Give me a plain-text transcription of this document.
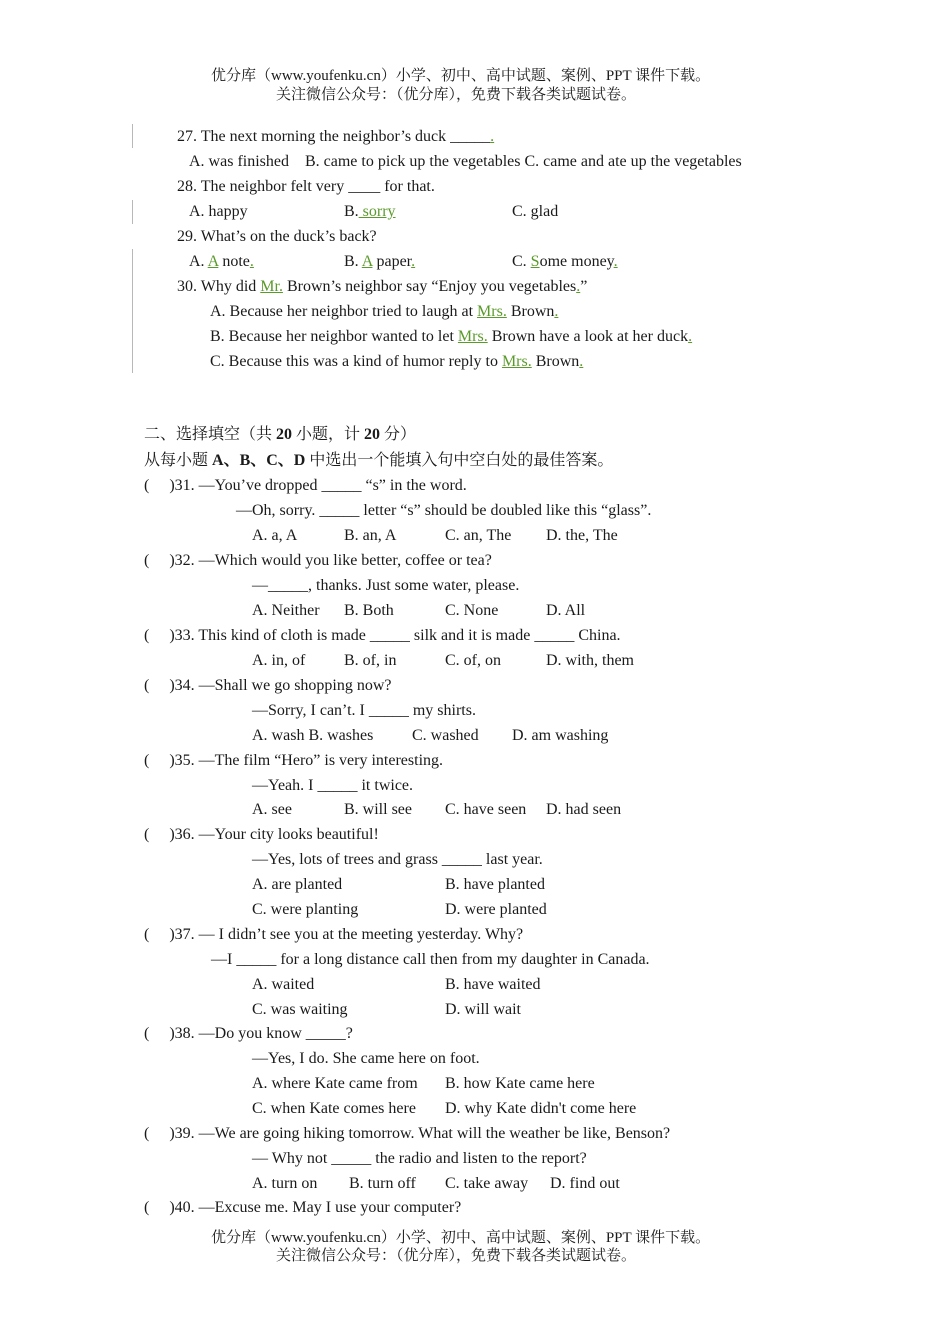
优分库（www.youfenku.cn）小学、初中、高中试题、案例、PPT 课件下载。
关注微信公众号：（优分库），免费下载各类试题试卷。
27. The next morning the neighbor’s duck _____.
A. was finished    B. came to pick up the vegetables C. came and ate up the vegetables
28. The neighbor felt very ____ for that.
A. happy	B. sorry	C. glad
29. What’s on the duck’s back?
A. A note.	B. A paper.	C. Some money.
30. Why did Mr. Brown’s neighbor say “Enjoy you vegetables.”
A. Because her neighbor tried to laugh at Mrs. Brown.
B. Because her neighbor wanted to let Mrs. Brown have a look at her duck.
C. Because this was a kind of humor reply to Mrs. Brown.
二、选择填空（共 20 小题，计 20 分）
从每小题 A、B、C、D 中选出一个能填入句中空白处的最佳答案。
(     )31. —You’ve dropped _____ “s” in the word.
—Oh, sorry. _____ letter “s” should be doubled like this “glass”.
A. a, A	B. an, A	C. an, The D. the, The
(     )32. —Which would you like better, coffee or tea?
—_____, thanks. Just some water, please.
A. Neither B. Both	C. None	D. All
(     )33. This kind of cloth is made _____ silk and it is made _____ China.
A. in, of B. of, in	C. of, on	D. with, them
(     )34. —Shall we go shopping now?
—Sorry, I can’t. I _____ my shirts.
A. wash B. washes C. washed D. am washing
(     )35. —The film “Hero” is very interesting.
—Yeah. I _____ it twice.
A. see	B. will see C. have seen D. had seen
(     )36. —Your city looks beautiful!
—Yes, lots of trees and grass _____ last year.
A. are planted	B. have planted
C. were planting	D. were planted
(     )37. — I didn’t see you at the meeting yesterday. Why?
—I _____ for a long distance call then from my daughter in Canada.
A. waited	B. have waited
C. was waiting	D. will wait
(     )38. —Do you know _____?
—Yes, I do. She came here on foot.
A. where Kate came from B. how Kate came here
C. when Kate comes here D. why Kate didn't come here
(     )39. —We are going hiking tomorrow. What will the weather be like, Benson?
— Why not _____ the radio and listen to the report?
A. turn on B. turn off C. take away D. find out
(     )40. —Excuse me. May I use your computer?
优分库（www.youfenku.cn）小学、初中、高中试题、案例、PPT 课件下载。
关注微信公众号：（优分库），免费下载各类试题试卷。
